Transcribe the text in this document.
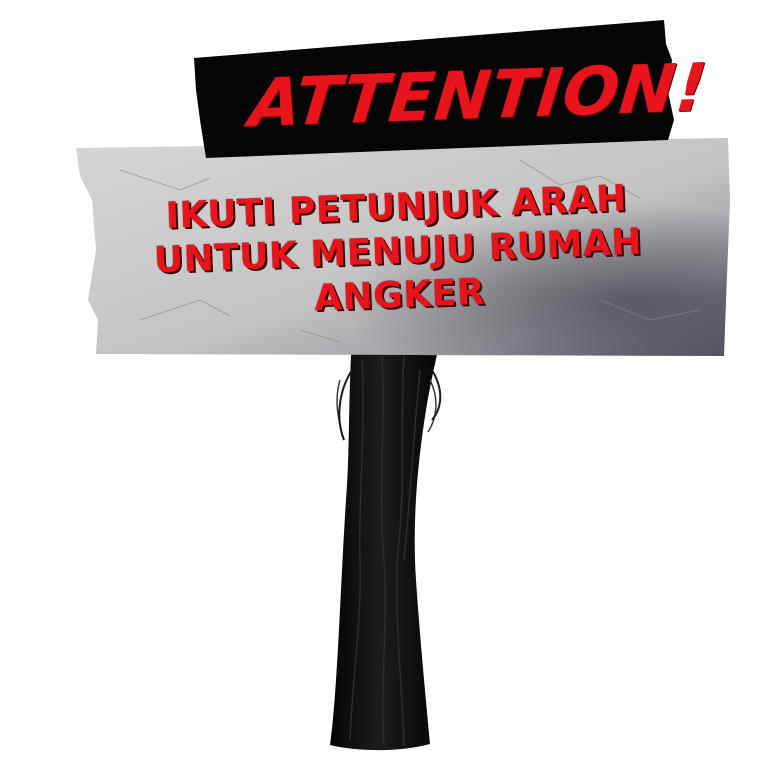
ATTENTION!
IKUTI PETUNJUK ARAH
UNTUK MENUJU RUMAH
ANGKER
